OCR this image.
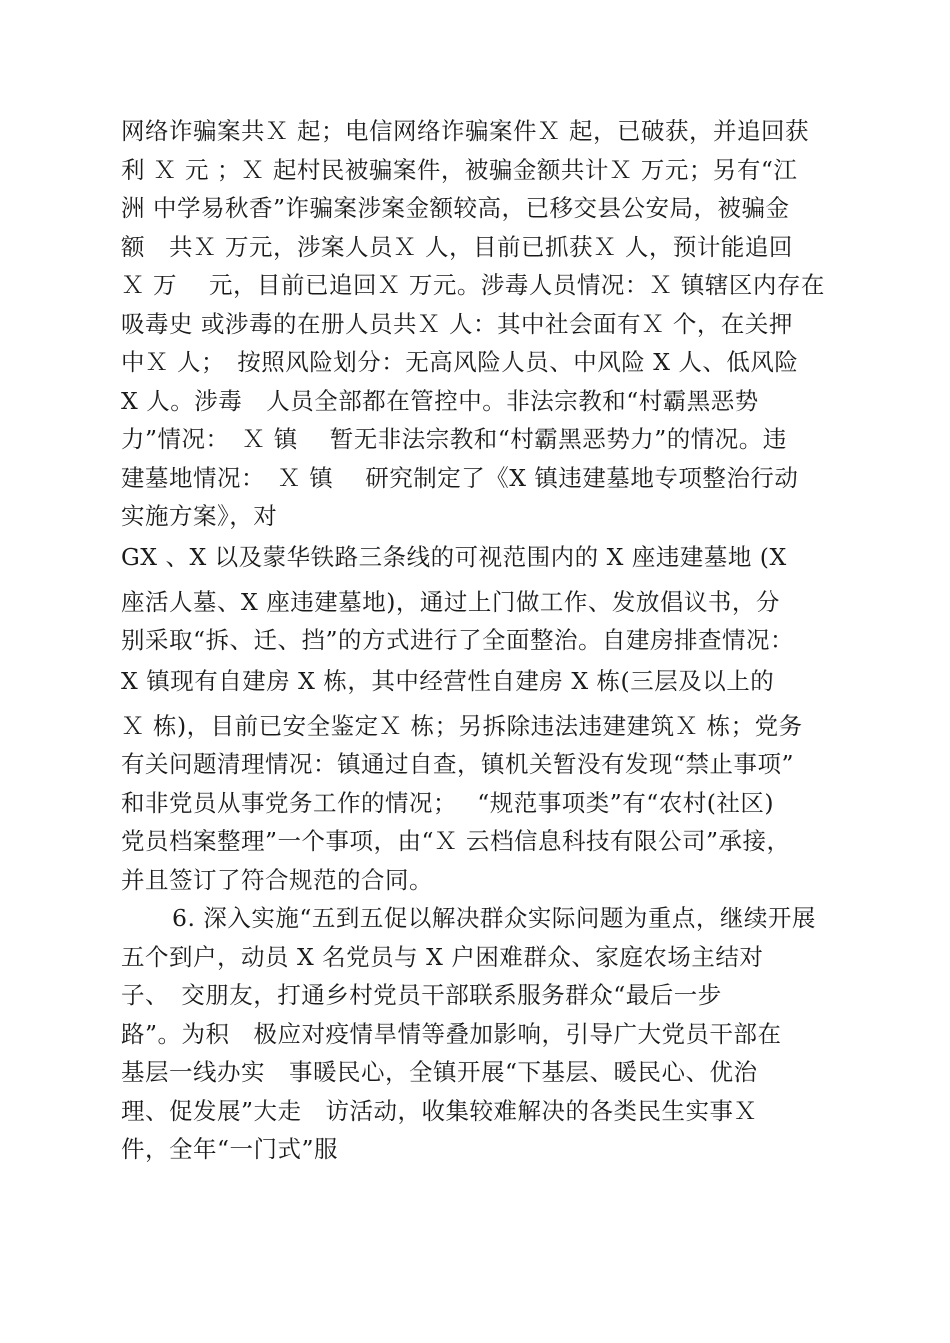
网络诈骗案共Ｘ 起；电信网络诈骗案件Ｘ 起，已破获，并追回获
利 Ｘ 元 ；Ｘ 起村民被骗案件，被骗金额共计Ｘ 万元；另有“江
洲 中学易秋香”诈骗案涉案金额较高，已移交县公安局，被骗金
额　共Ｘ 万元，涉案人员Ｘ 人，目前已抓获Ｘ 人，预计能追回
Ｘ 万　 元，目前已追回Ｘ 万元。涉毒人员情况：Ｘ 镇辖区内存在
吸毒史 或涉毒的在册人员共Ｘ 人：其中社会面有Ｘ 个，在关押
中Ｘ 人；　按照风险划分：无高风险人员、中风险 X 人、低风险
X 人。涉毒　人员全部都在管控中。非法宗教和“村霸黑恶势
力”情况：　Ｘ 镇　 暂无非法宗教和“村霸黑恶势力”的情况。违
建墓地情况：　Ｘ 镇　 研究制定了《X 镇违建墓地专项整治行动
实施方案》，对
GX 、X 以及蒙华铁路三条线的可视范围内的 X 座违建墓地 (X
座活人墓、X 座违建墓地)，通过上门做工作、发放倡议书，分
别采取“拆、迁、挡”的方式进行了全面整治。自建房排查情况：
X 镇现有自建房 X 栋，其中经营性自建房 X 栋(三层及以上的
Ｘ 栋)，目前已安全鉴定Ｘ 栋；另拆除违法违建建筑Ｘ 栋；党务
有关问题清理情况：镇通过自查，镇机关暂没有发现“禁止事项”
和非党员从事党务工作的情况；　 “规范事项类”有“农村(社区)
党员档案整理”一个事项，由“Ｘ 云档信息科技有限公司”承接，
并且签订了符合规范的合同。
6. 深入实施“五到五促以解决群众实际问题为重点，继续开展
五个到户，动员 X 名党员与 X 户困难群众、家庭农场主结对
子、　交朋友，打通乡村党员干部联系服务群众“最后一步
路”。为积　极应对疫情旱情等叠加影响，引导广大党员干部在
基层一线办实　事暖民心，全镇开展“下基层、暖民心、优治
理、促发展”大走　访活动，收集较难解决的各类民生实事Ｘ
件，全年“一门式”服
